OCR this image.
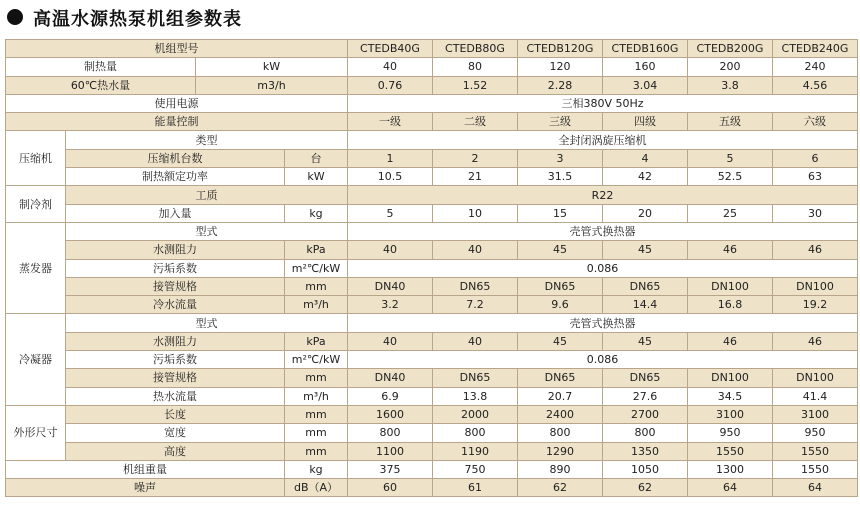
高温水源热泵机组参数表
机组型号				CTEDB40G	CTEDB80G	CTEDB120G	CTEDB160G	CTEDB200G	CTEDB240G
制热量		kW		40	80	120	160	200	240
60℃热水量		m3/h		0.76	1.52	2.28	3.04	3.8	4.56
使用电源				三相380V 50Hz					
能量控制				一级	二级	三级	四级	五级	六级
压缩机	类型			全封闭涡旋压缩机					
	压缩机台数		台	1	2	3	4	5	6
	制热额定功率		kW	10.5	21	31.5	42	52.5	63
制冷剂	工质			R22					
	加入量		kg	5	10	15	20	25	30
蒸发器	型式			壳管式换热器					
	水测阻力		kPa	40	40	45	45	46	46
	污垢系数		m²℃/kW	0.086					
	接管规格		mm	DN40	DN65	DN65	DN65	DN100	DN100
	冷水流量		m³/h	3.2	7.2	9.6	14.4	16.8	19.2
冷凝器	型式			壳管式换热器					
	水测阻力		kPa	40	40	45	45	46	46
	污垢系数		m²℃/kW	0.086					
	接管规格		mm	DN40	DN65	DN65	DN65	DN100	DN100
	热水流量		m³/h	6.9	13.8	20.7	27.6	34.5	41.4
外形尺寸	长度		mm	1600	2000	2400	2700	3100	3100
	宽度		mm	800	800	800	800	950	950
	高度		mm	1100	1190	1290	1350	1550	1550
机组重量			kg	375	750	890	1050	1300	1550
噪声			dB（A）	60	61	62	62	64	64
